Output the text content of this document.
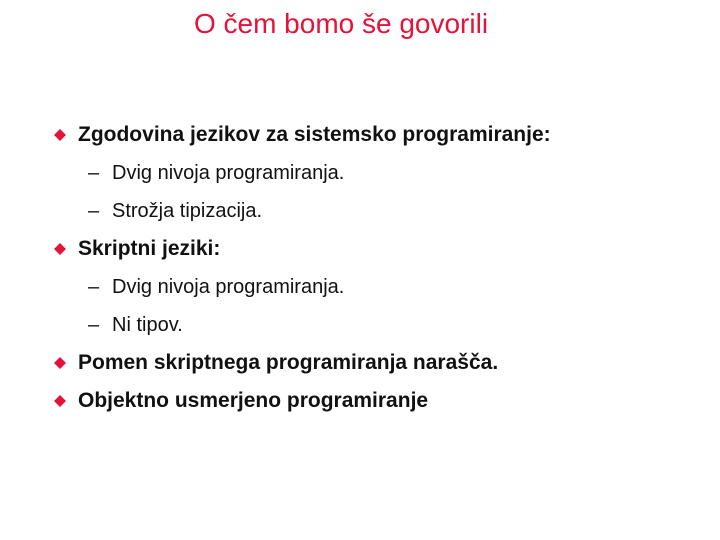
O čem bomo še govorili
Zgodovina jezikov za sistemsko programiranje:
– Dvig nivoja programiranja.
– Strožja tipizacija.
Skriptni jeziki:
– Dvig nivoja programiranja.
– Ni tipov.
Pomen skriptnega programiranja narašča.
Objektno usmerjeno programiranje
